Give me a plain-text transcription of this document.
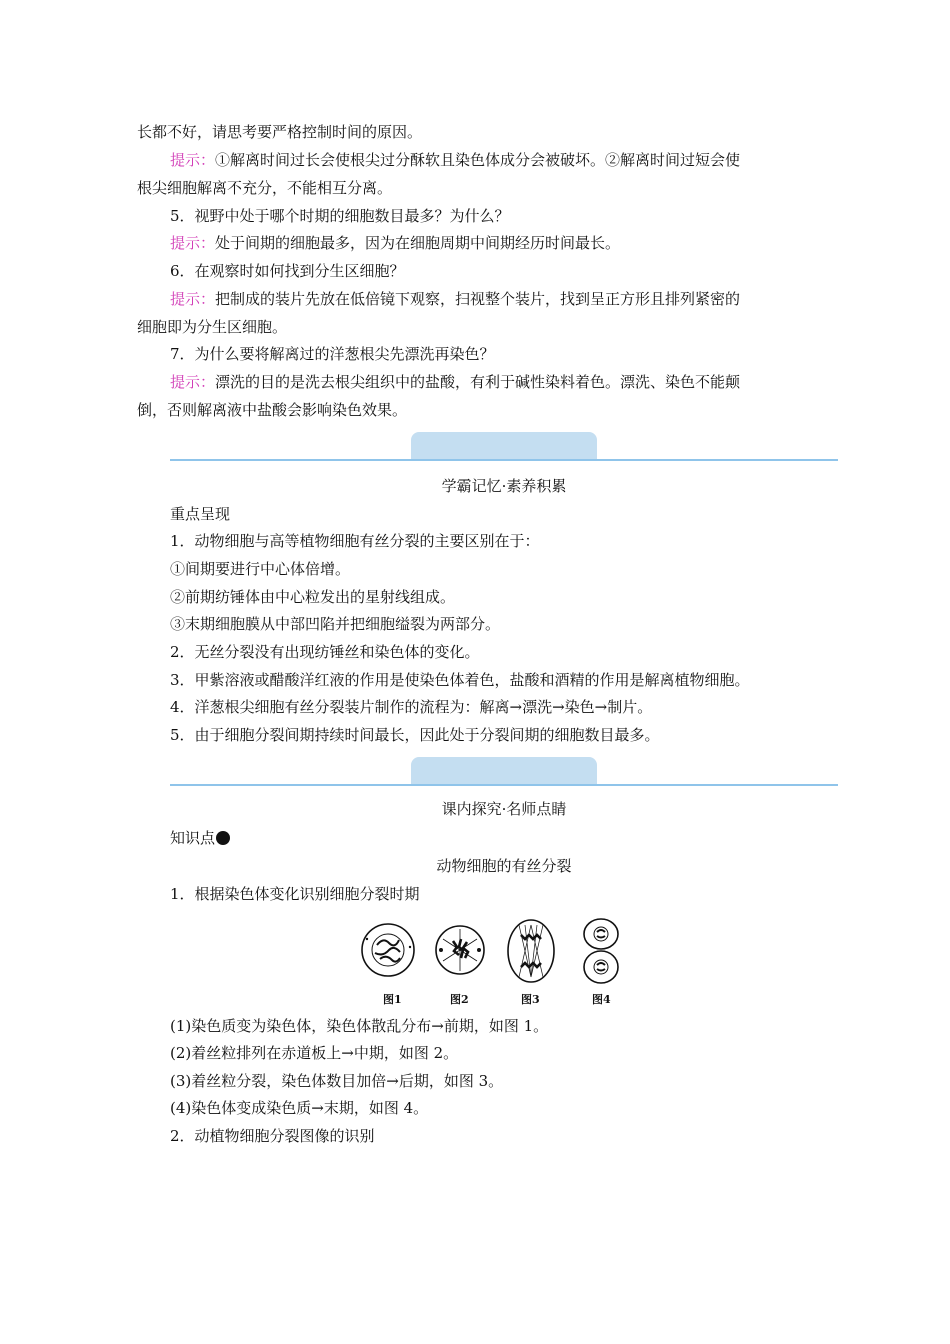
长都不好，请思考要严格控制时间的原因。
提示：①解离时间过长会使根尖过分酥软且染色体成分会被破坏。②解离时间过短会使
根尖细胞解离不充分，不能相互分离。
5．视野中处于哪个时期的细胞数目最多？为什么？
提示：处于间期的细胞最多，因为在细胞周期中间期经历时间最长。
6．在观察时如何找到分生区细胞？
提示：把制成的装片先放在低倍镜下观察，扫视整个装片，找到呈正方形且排列紧密的
细胞即为分生区细胞。
7．为什么要将解离过的洋葱根尖先漂洗再染色？
提示：漂洗的目的是洗去根尖组织中的盐酸，有利于碱性染料着色。漂洗、染色不能颠
倒，否则解离液中盐酸会影响染色效果。
学霸记忆·素养积累
重点呈现
1．动物细胞与高等植物细胞有丝分裂的主要区别在于：
①间期要进行中心体倍增。
②前期纺锤体由中心粒发出的星射线组成。
③末期细胞膜从中部凹陷并把细胞缢裂为两部分。
2．无丝分裂没有出现纺锤丝和染色体的变化。
3．甲紫溶液或醋酸洋红液的作用是使染色体着色，盐酸和酒精的作用是解离植物细胞。
4．洋葱根尖细胞有丝分裂装片制作的流程为：解离→漂洗→染色→制片。
5．由于细胞分裂间期持续时间最长，因此处于分裂间期的细胞数目最多。
课内探究·名师点睛
知识点
动物细胞的有丝分裂
1．根据染色体变化识别细胞分裂时期
图1	图2	图3	图4
(1)染色质变为染色体，染色体散乱分布→前期，如图 1。
(2)着丝粒排列在赤道板上→中期，如图 2。
(3)着丝粒分裂，染色体数目加倍→后期，如图 3。
(4)染色体变成染色质→末期，如图 4。
2．动植物细胞分裂图像的识别
